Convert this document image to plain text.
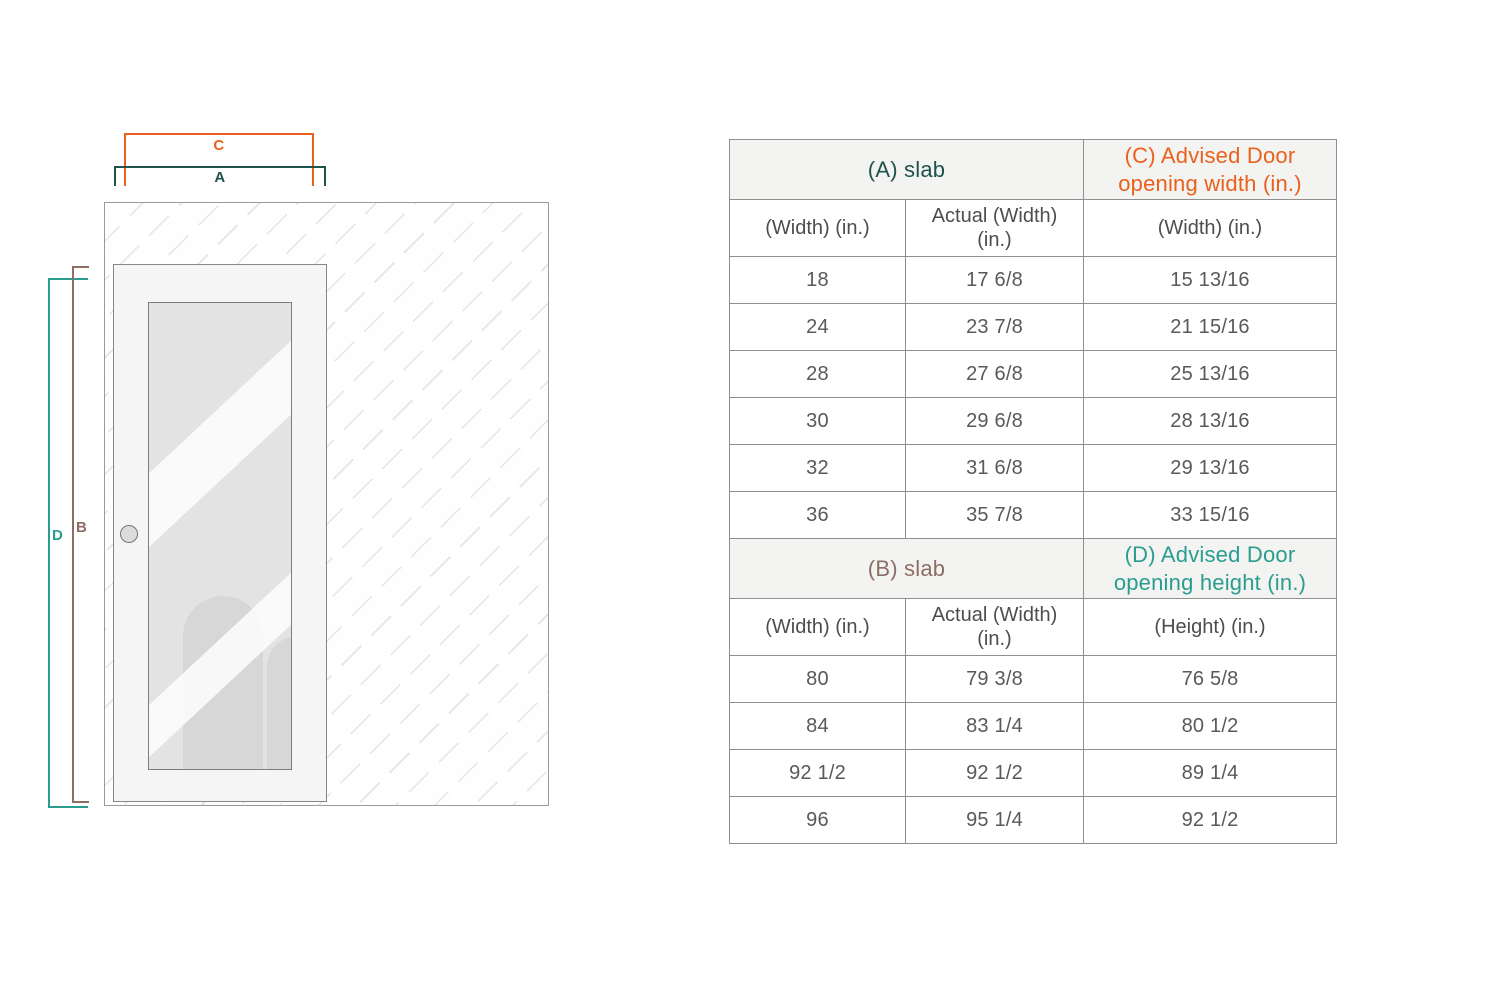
C
A
D
B
(A) slab		(C) Advised Door opening width (in.)
(Width) (in.)	Actual (Width) (in.)	(Width) (in.)
18	17 6/8	15 13/16
24	23 7/8	21 15/16
28	27 6/8	25 13/16
30	29 6/8	28 13/16
32	31 6/8	29 13/16
36	35 7/8	33 15/16
(B) slab		(D) Advised Door opening height (in.)
(Width) (in.)	Actual (Width) (in.)	(Height) (in.)
80	79 3/8	76 5/8
84	83 1/4	80 1/2
92 1/2	92 1/2	89 1/4
96	95 1/4	92 1/2
